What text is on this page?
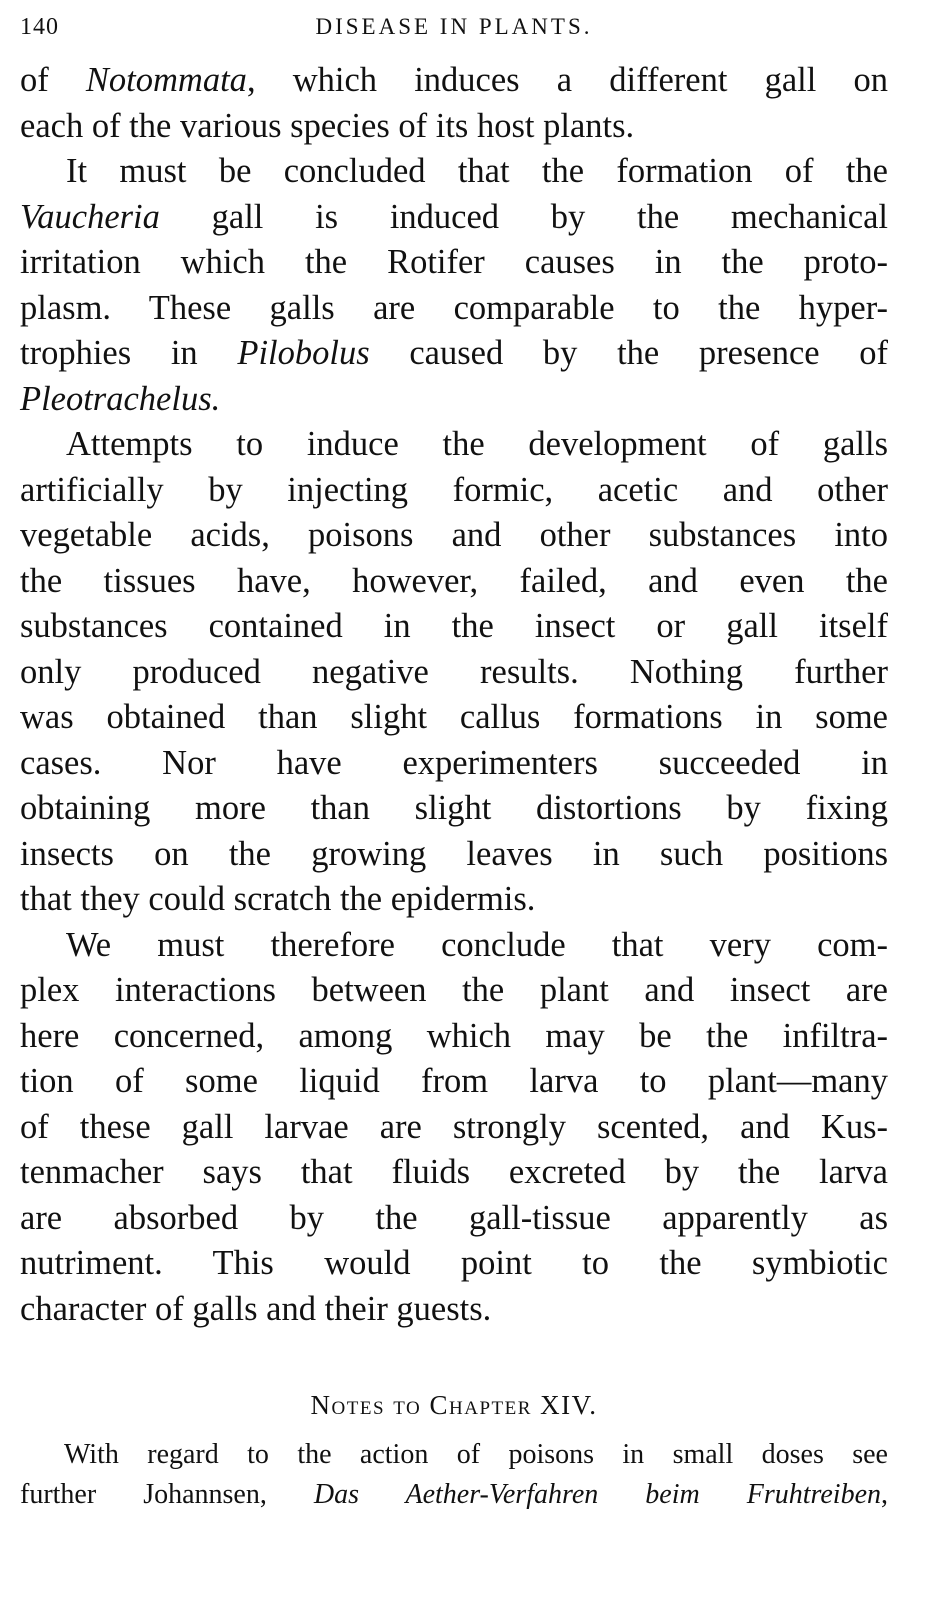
140	DISEASE IN PLANTS.
of Notommata, which induces a different gall on
each of the various species of its host plants.
It must be concluded that the formation of the
Vaucheria gall is induced by the mechanical
irritation which the Rotifer causes in the proto-
plasm. These galls are comparable to the hyper-
trophies in Pilobolus caused by the presence of
Pleotrachelus.
Attempts to induce the development of galls
artificially by injecting formic, acetic and other
vegetable acids, poisons and other substances into
the tissues have, however, failed, and even the
substances contained in the insect or gall itself
only produced negative results. Nothing further
was obtained than slight callus formations in some
cases. Nor have experimenters succeeded in
obtaining more than slight distortions by fixing
insects on the growing leaves in such positions
that they could scratch the epidermis.
We must therefore conclude that very com-
plex interactions between the plant and insect are
here concerned, among which may be the infiltra-
tion of some liquid from larva to plant—many
of these gall larvae are strongly scented, and Kus-
tenmacher says that fluids excreted by the larva
are absorbed by the gall-tissue apparently as
nutriment. This would point to the symbiotic
character of galls and their guests.
Notes to Chapter XIV.
With regard to the action of poisons in small doses see
further Johannsen, Das Aether-Verfahren beim Fruhtreiben,
